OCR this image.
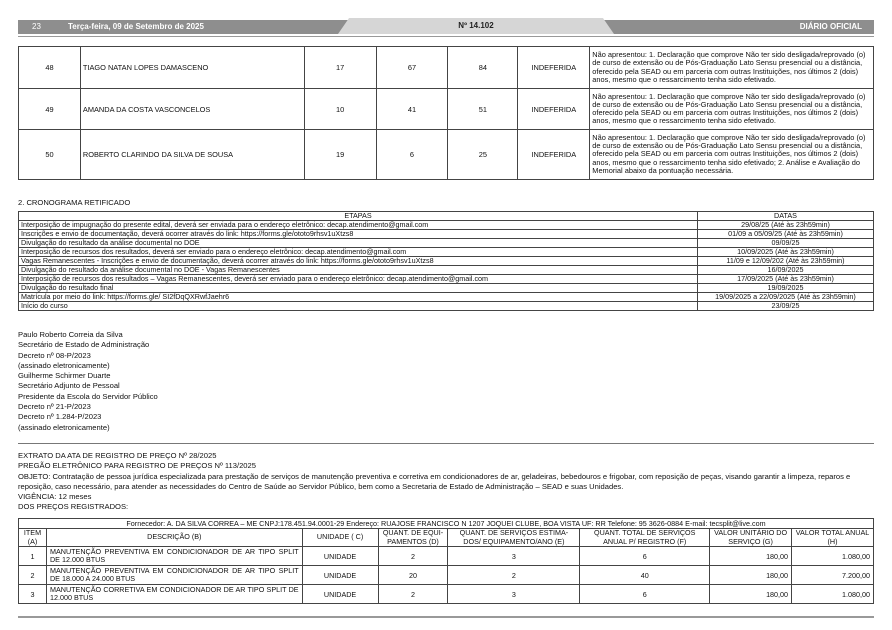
23	Terça-feira, 09 de Setembro de 2025	Nº 14.102	DIÁRIO OFICIAL
48	TIAGO NATAN LOPES DAMASCENO	17	67	84	INDEFERIDA	Não apresentou: 1. Declaração que comprove Não ter sido desligada/reprovado (o) de curso de extensão ou de Pós-Graduação Lato Sensu presencial ou a distância, oferecido pela SEAD ou em parceria com outras Instituições, nos últimos 2 (dois) anos, mesmo que o ressarcimento tenha sido efetivado.
49	AMANDA DA COSTA VASCONCELOS	10	41	51	INDEFERIDA	Não apresentou: 1. Declaração que comprove Não ter sido desligada/reprovado (o) de curso de extensão ou de Pós-Graduação Lato Sensu presencial ou a distância, oferecido pela SEAD ou em parceria com outras Instituições, nos últimos 2 (dois) anos, mesmo que o ressarcimento tenha sido efetivado.
50	ROBERTO CLARINDO DA SILVA DE SOUSA	19	6	25	INDEFERIDA	Não apresentou: 1. Declaração que comprove Não ter sido desligada/reprovado (o) de curso de extensão ou de Pós-Graduação Lato Sensu presencial ou a distância, oferecido pela SEAD ou em parceria com outras Instituições, nos últimos 2 (dois) anos, mesmo que o ressarcimento tenha sido efetivado; 2. Análise e Avaliação do Memorial abaixo da pontuação necessária.
2. CRONOGRAMA RETIFICADO
ETAPAS	DATAS
Interposição de impugnação do presente edital, deverá ser enviada para o endereço eletrônico: decap.atendimento@gmail.com	29/08/25 (Até às 23h59min)
Inscrições e envio de documentação, deverá ocorrer através do link: https://forms.gle/ototo9rhsv1uXtzs8	01/09 a 05/09/25 (Até às 23h59min)
Divulgação do resultado da análise documental no DOE	09/09/25
Interposição de recursos dos resultados, deverá ser enviado para o endereço eletrônico: decap.atendimento@gmail.com	10/09/2025 (Até às 23h59min)
Vagas Remanescentes - Inscrições e envio de documentação, deverá ocorrer através do link: https://forms.gle/ototo9rhsv1uXtzs8	11/09 e 12/09/202 (Até às 23h59min)
Divulgação do resultado da análise documental no DOE - Vagas Remanescentes	16/09/2025
Interposição de recursos dos resultados – Vagas Remanescentes, deverá ser enviado para o endereço eletrônico: decap.atendimento@gmail.com	17/09/2025 (Até às 23h59min)
Divulgação do resultado final	19/09/2025
Matrícula por meio do link: https://forms.gle/ SI2fDqQXRwfJaehr6	19/09/2025 a 22/09/2025 (Até às 23h59min)
Início do curso	23/09/25
Paulo Roberto Correia da Silva
Secretário de Estado de Administração
Decreto nº 08-P/2023
(assinado eletronicamente)
Guilherme Schirmer Duarte
Secretário Adjunto de Pessoal
Presidente da Escola do Servidor Público
Decreto nº 21-P/2023
Decreto nº 1.284-P/2023
(assinado eletronicamente)
EXTRATO DA ATA DE REGISTRO DE PREÇO Nº 28/2025
PREGÃO ELETRÔNICO PARA REGISTRO DE PREÇOS Nº 113/2025
OBJETO: Contratação de pessoa jurídica especializada para prestação de serviços de manutenção preventiva e corretiva em condicionadores de ar, geladeiras, bebedouros e frigobar, com reposição de peças, visando garantir a limpeza, reparos e reposição, caso necessário, para atender as necessidades do Centro de Saúde ao Servidor Público, bem como a Secretaria de Estado de Administração – SEAD e suas Unidades.
VIGÊNCIA: 12 meses
DOS PREÇOS REGISTRADOS:
Fornecedor: A. DA SILVA CORREA – ME CNPJ:178.451.94.0001-29 Endereço: RUAJOSE FRANCISCO N 1207 JOQUEI CLUBE, BOA VISTA UF: RR Telefone: 95 3626-0884 E-mail: tecsplit@live.com							
ITEM (A)	DESCRIÇÃO (B)	UNIDADE ( C)	QUANT. DE EQUI-PAMENTOS (D)	QUANT. DE SERVIÇOS ESTIMA-DOS/ EQUIPAMENTO/ANO (E)	QUANT. TOTAL DE SERVIÇOS ANUAL P/ REGISTRO (F)	VALOR UNITÁRIO DO SERVIÇO (G)	VALOR TOTAL ANUAL (H)
1	MANUTENÇÃO PREVENTIVA EM CONDICIONADOR DE AR TIPO SPLIT DE 12.000 BTUS	UNIDADE	2	3	6	180,00	1.080,00
2	MANUTENÇÃO PREVENTIVA EM CONDICIONADOR DE AR TIPO SPLIT DE 18.000 A 24.000 BTUS	UNIDADE	20	2	40	180,00	7.200,00
3	MANUTENÇÃO CORRETIVA EM CONDICIONADOR DE AR TIPO SPLIT DE 12.000 BTUS	UNIDADE	2	3	6	180,00	1.080,00
